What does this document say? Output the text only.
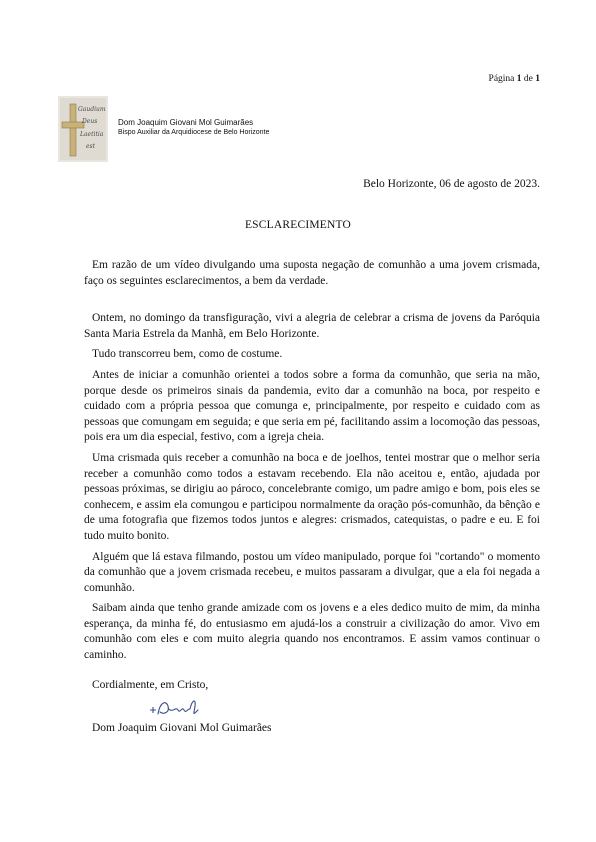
Página 1 de 1
Gaudium
Deus
Laetitia
est
Dom Joaquim Giovani Mol Guimarães
Bispo Auxiliar da Arquidiocese de Belo Horizonte
Belo Horizonte, 06 de agosto de 2023.
ESCLARECIMENTO

Em razão de um vídeo divulgando uma suposta negação de comunhão a uma jovem crismada, faço os seguintes esclarecimentos, a bem da verdade.

Ontem, no domingo da transfiguração, vivi a alegria de celebrar a crisma de jovens da Paróquia Santa Maria Estrela da Manhã, em Belo Horizonte.

Tudo transcorreu bem, como de costume.

Antes de iniciar a comunhão orientei a todos sobre a forma da comunhão, que seria na mão, porque desde os primeiros sinais da pandemia, evito dar a comunhão na boca, por respeito e cuidado com a própria pessoa que comunga e, principalmente, por respeito e cuidado com as pessoas que comungam em seguida; e que seria em pé, facilitando assim a locomoção das pessoas, pois era um dia especial, festivo, com a igreja cheia.

Uma crismada quis receber a comunhão na boca e de joelhos, tentei mostrar que o melhor seria receber a comunhão como todos a estavam recebendo. Ela não aceitou e, então, ajudada por pessoas próximas, se dirigiu ao pároco, concelebrante comigo, um padre amigo e bom, pois eles se conhecem, e assim ela comungou e participou normalmente da oração pós-comunhão, da bênção e de uma fotografia que fizemos todos juntos e alegres: crismados, catequistas, o padre e eu. E foi tudo muito bonito.

Alguém que lá estava filmando, postou um vídeo manipulado, porque foi "cortando" o momento da comunhão que a jovem crismada recebeu, e muitos passaram a divulgar, que a ela foi negada a comunhão.

Saibam ainda que tenho grande amizade com os jovens e a eles dedico muito de mim, da minha esperança, da minha fé, do entusiasmo em ajudá-los a construir a civilização do amor. Vivo em comunhão com eles e com muito alegria quando nos encontramos. E assim vamos continuar o caminho.

Cordialmente, em Cristo,
Dom Joaquim Giovani Mol Guimarães
